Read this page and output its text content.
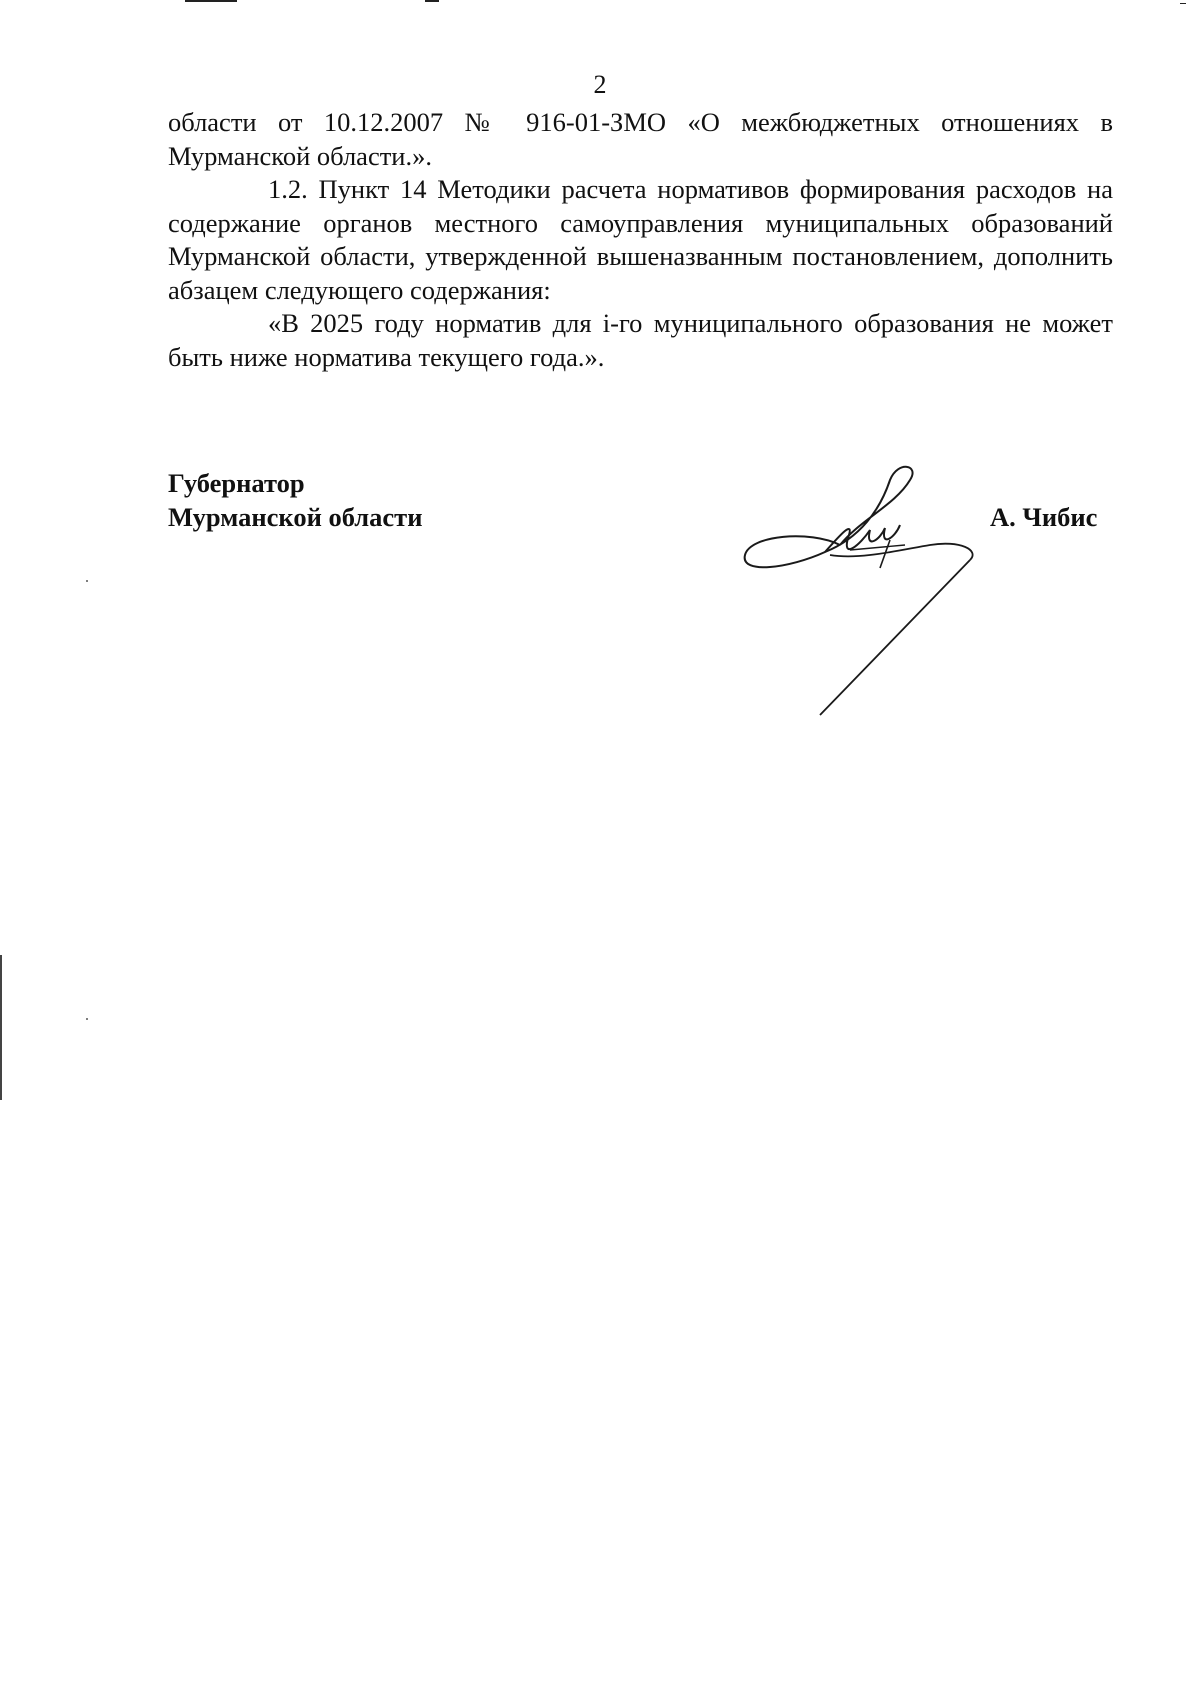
2

области от 10.12.2007 № 916-01-ЗМО «О межбюджетных отношениях в Мурманской области.».

1.2. Пункт 14 Методики расчета нормативов формирования расходов на содержание органов местного самоуправления муниципальных образований Мурманской области, утвержденной вышеназванным постановлением, дополнить абзацем следующего содержания:

«В 2025 году норматив для i-го муниципального образования не может быть ниже норматива текущего года.».

Губернатор
Мурманской области	А. Чибис
